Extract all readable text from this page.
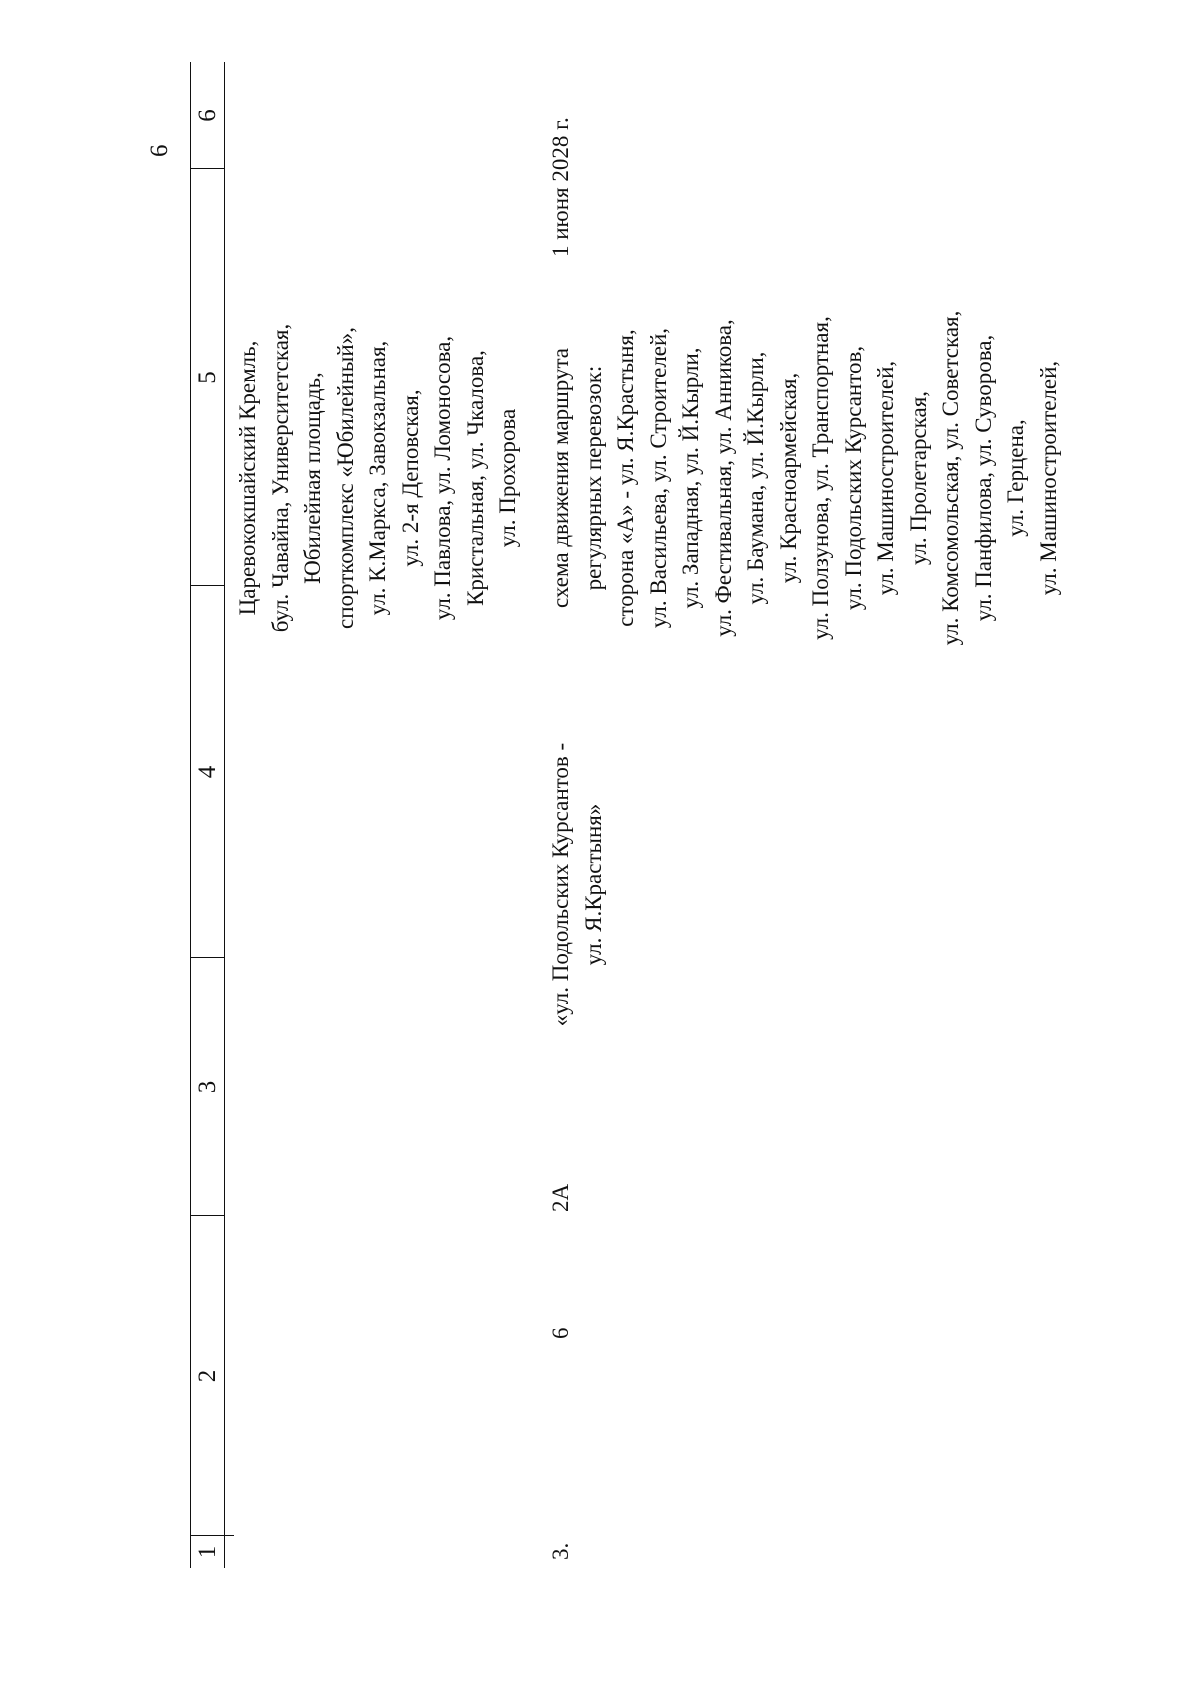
6
1
2
3
4
5
6
Царевококшайский Кремль, бул. Чавайна, Университетская, Юбилейная площадь, спорткомплекс «Юбилейный», ул. К.Маркса, Завокзальная, ул. 2-я Деповская, ул. Павлова, ул. Ломоносова, Кристальная, ул. Чкалова, ул. Прохорова
3.
6
2А
«ул. Подольских Курсантов - ул. Я.Крастыня»
схема движения маршрута регулярных перевозок: сторона «А» - ул. Я.Крастыня, ул. Васильева, ул. Строителей, ул. Западная, ул. Й.Кырли, ул. Фестивальная, ул. Анникова, ул. Баумана, ул. Й.Кырли, ул. Красноармейская, ул. Ползунова, ул. Транспортная, ул. Подольских Курсантов, ул. Машиностроителей, ул. Пролетарская, ул. Комсомольская, ул. Советская, ул. Панфилова, ул. Суворова, ул. Герцена, ул. Машиностроителей,
1 июня 2028 г.
